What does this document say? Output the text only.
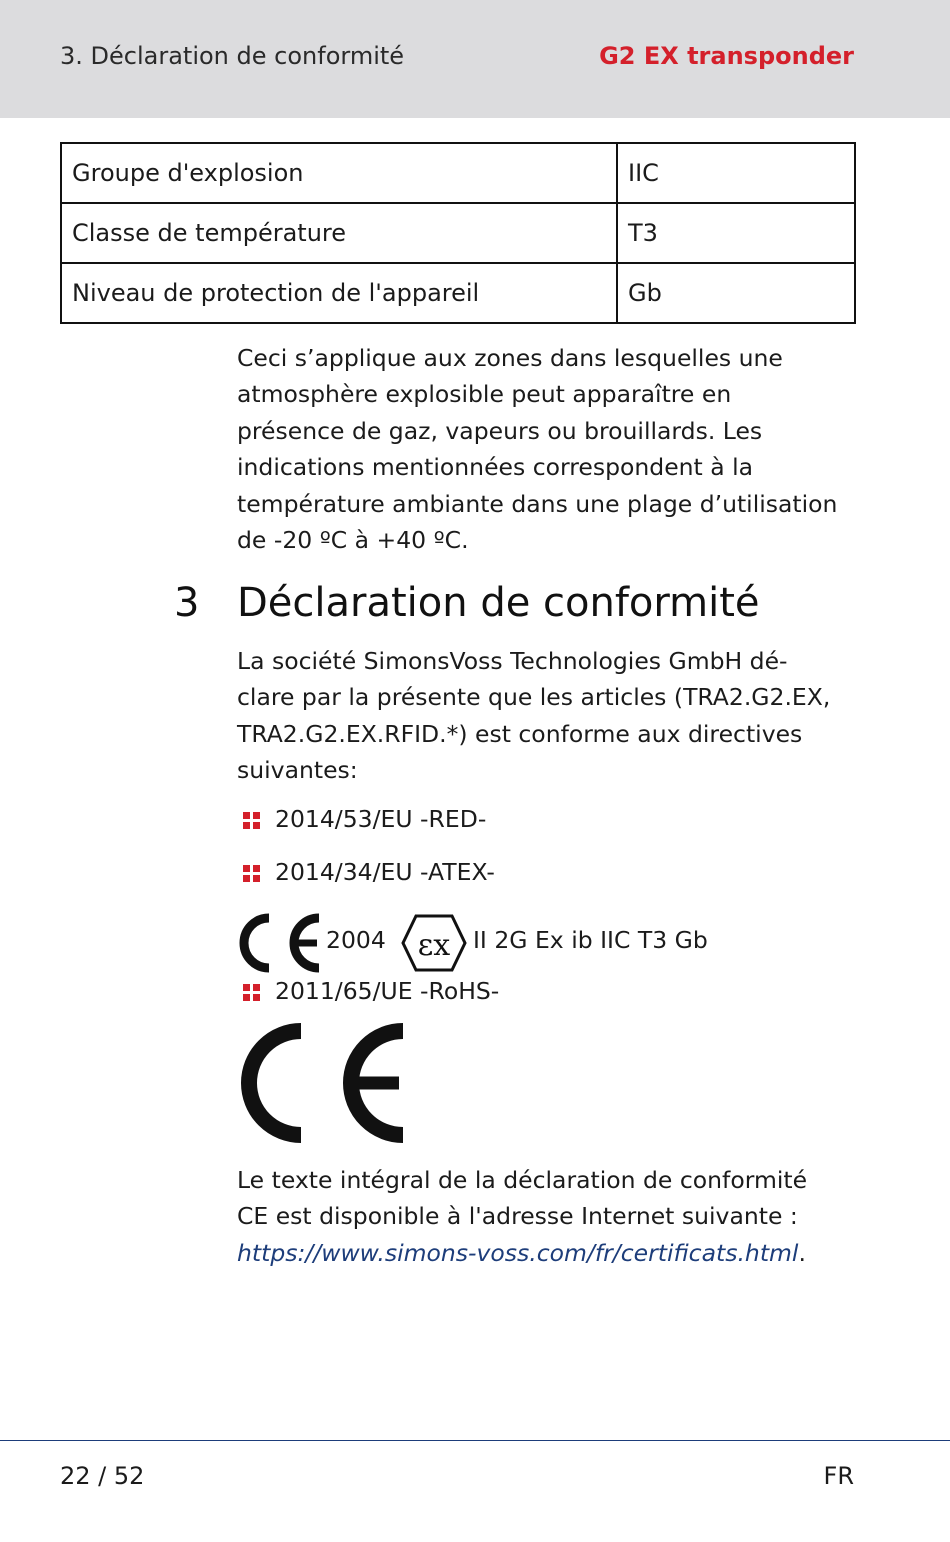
3. Déclaration de conformité	G2 EX transponder
Groupe d'explosion	IIC
Classe de température	T3
Niveau de protection de l'appareil	Gb
Ceci s’applique aux zones dans lesquelles une
atmosphère explosible peut apparaître en
présence de gaz, vapeurs ou brouillards. Les
indications mentionnées correspondent à la
température ambiante dans une plage d’utilisation
de -20 ºC à +40 ºC.
3 Déclaration de conformité
La société SimonsVoss Technologies GmbH dé-
clare par la présente que les articles (TRA2.G2.EX,
TRA2.G2.EX.RFID.*) est conforme aux directives
suivantes:
2014/53/EU -RED-
2014/34/EU -ATEX-
2004 εx II 2G Ex ib IIC T3 Gb
2011/65/UE -RoHS-
Le texte intégral de la déclaration de conformité
CE est disponible à l'adresse Internet suivante :
https://www.simons-voss.com/fr/certificats.html.
22 / 52	FR
